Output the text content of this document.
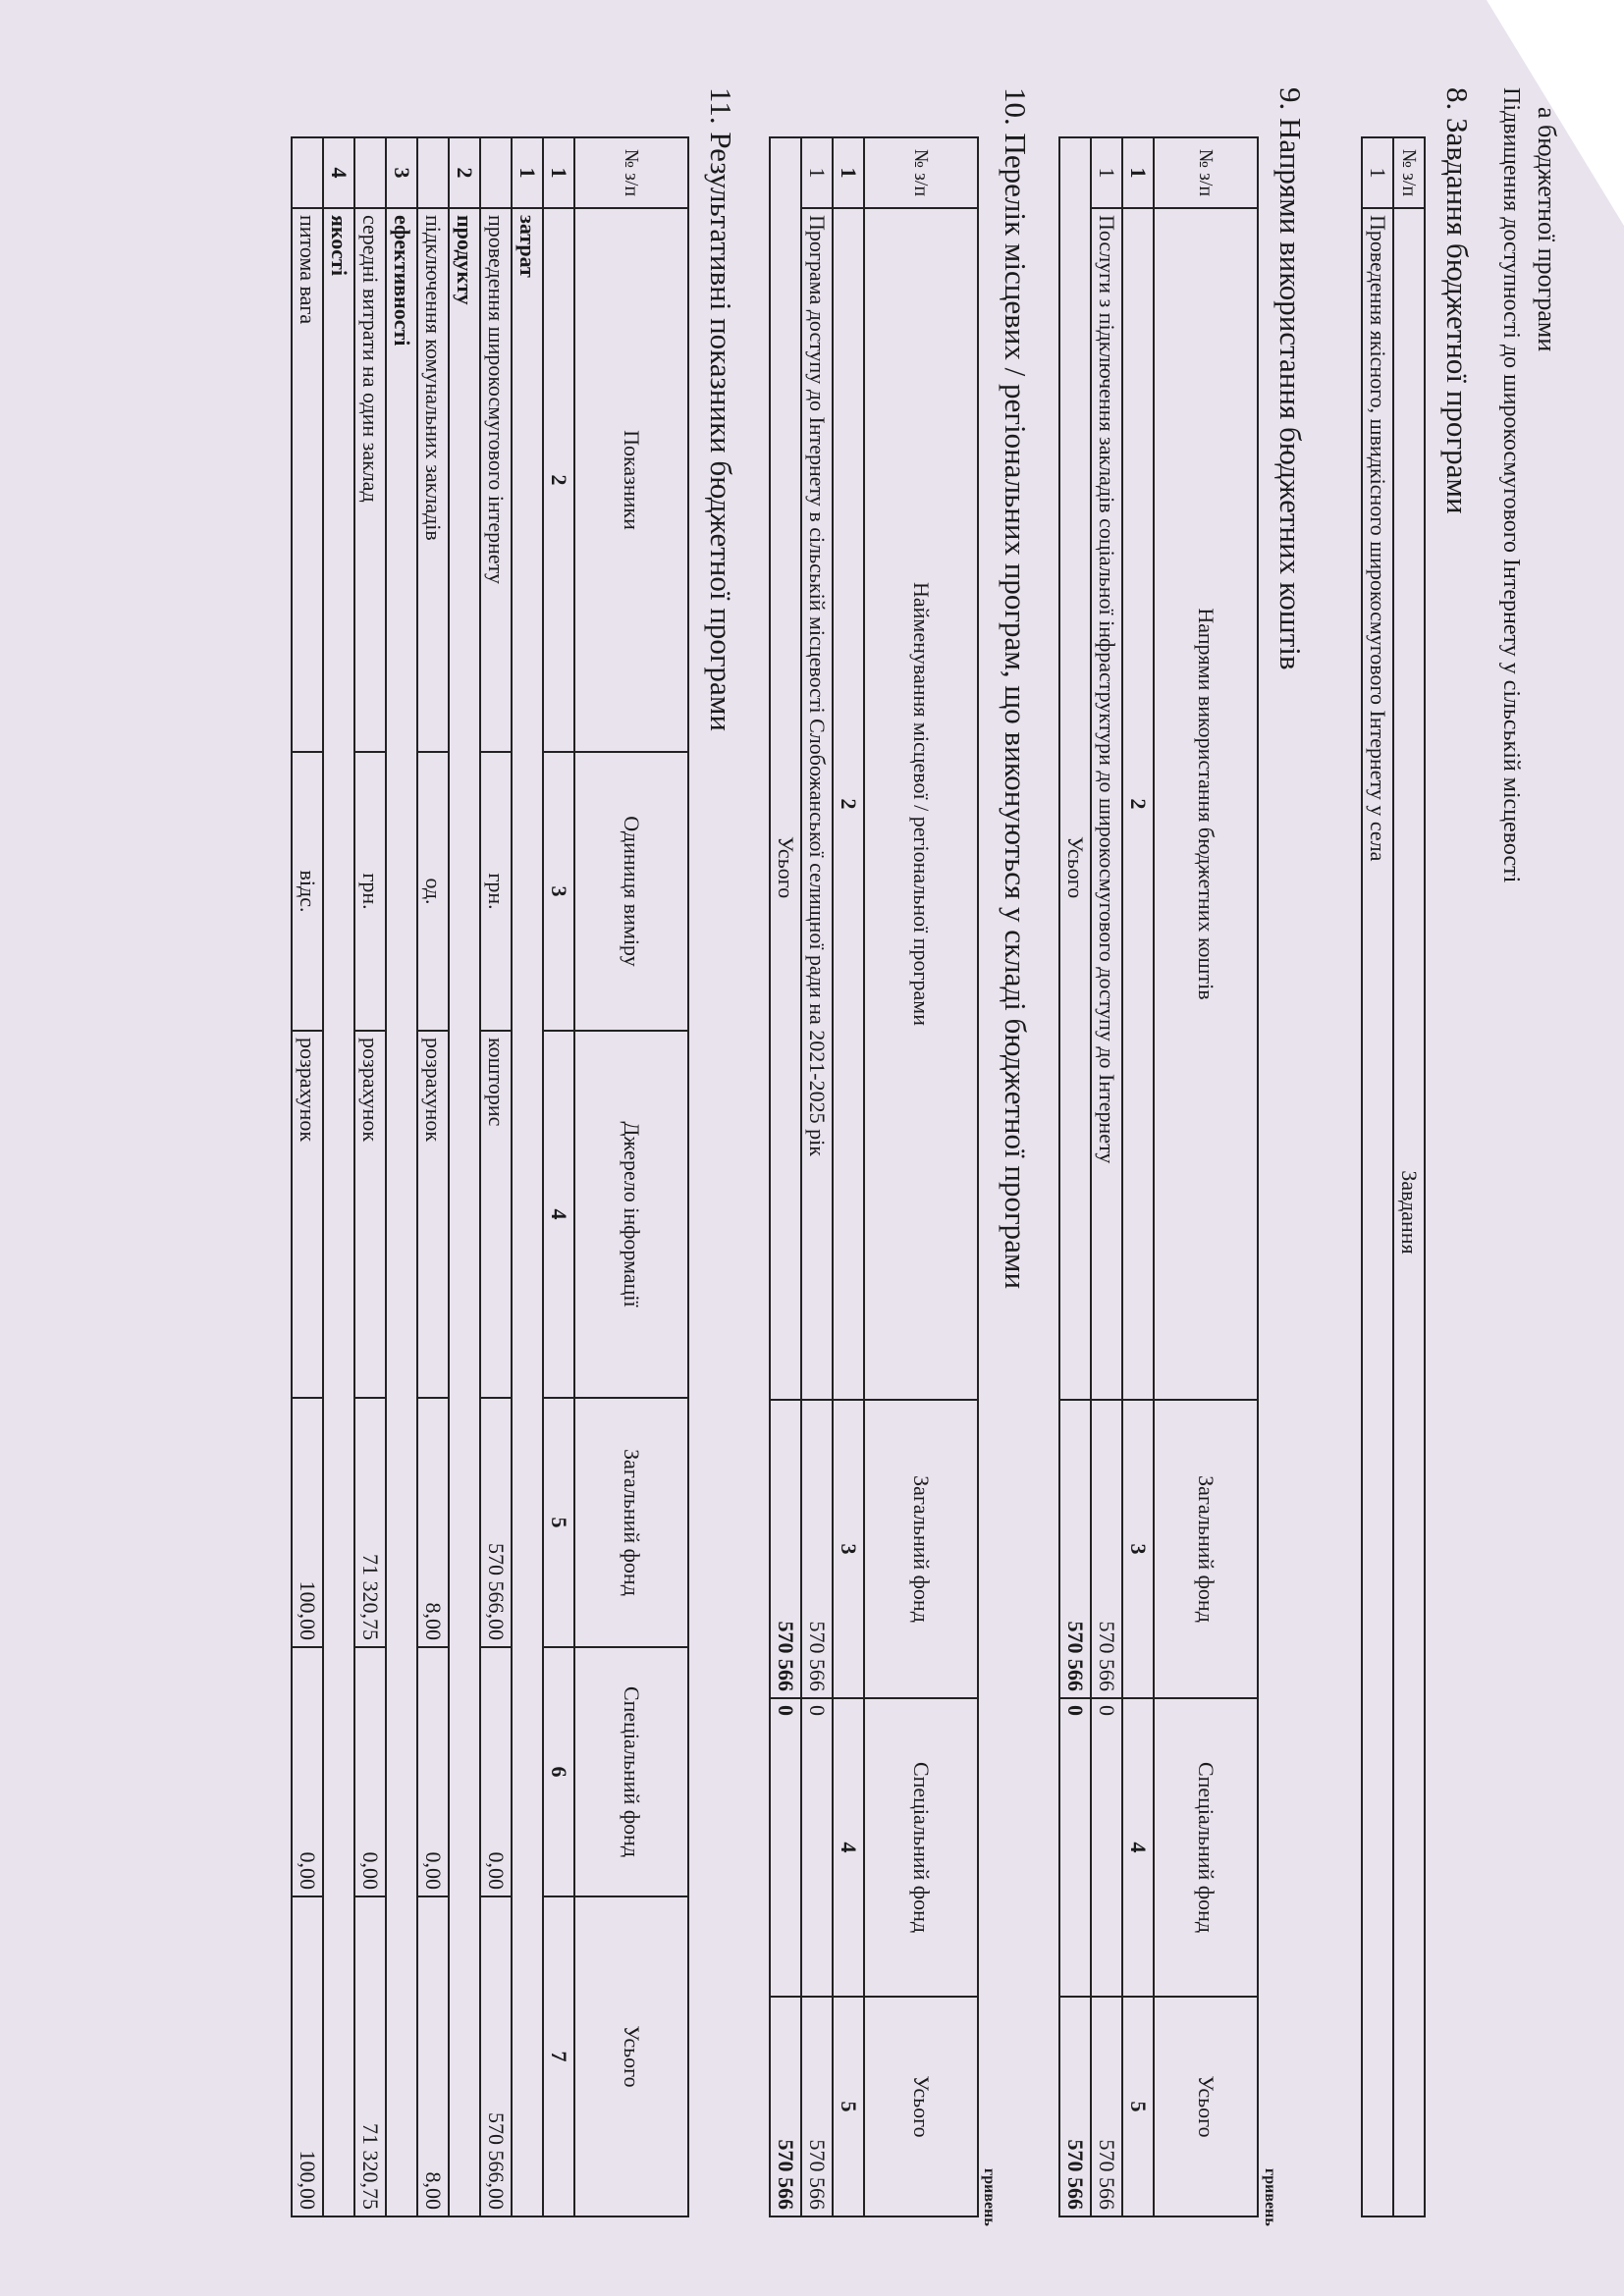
а бюджетної програми
Підвищення доступності до широкосмугового Інтернету у сільській місцевості
8. Завдання бюджетної програми
№ з/п	Завдання
1	Проведення якісного, швидкісного широкосмугового Інтернету у села
9. Напрями використання бюджетних коштів
гривень
№ з/п	Напрями використання бюджетних коштів	Загальний фонд	Спеціальний фонд	Усього
1	2	3	4	5
1	Послуги з підключення закладів соціальної інфраструктури до широкосмугового доступу до Інтернету	570 566	0	570 566
	Усього	570 566	0	570 566
10. Перелік місцевих / регіональних програм, що виконуються у складі бюджетної програми
гривень
№ з/п	Найменування місцевої / регіональної програми	Загальний фонд	Спеціальний фонд	Усього
1	2	3	4	5
1	Програма доступу до Інтернету в сільській місцевості Слобожанської селищної ради на 2021-2025 рік	570 566	0	570 566
	Усього	570 566	0	570 566
11. Результативні показники бюджетної програми
№ з/п	Показники	Одиниця виміру	Джерело інформації	Загальний фонд	Спеціальний фонд	Усього
1	2	3	4	5	6	7
1	затрат					
	проведення широкосмугового інтернету	грн.	кошторис	570 566,00	0,00	570 566,00
2	продукту					
	підключення комунальних закладів	од.	розрахунок	8,00	0,00	8,00
3	ефективності					
	середні витрати на один заклад	грн.	розрахунок	71 320,75	0,00	71 320,75
4	якості					
	питома вага	відс.	розрахунок	100,00	0,00	100,00
